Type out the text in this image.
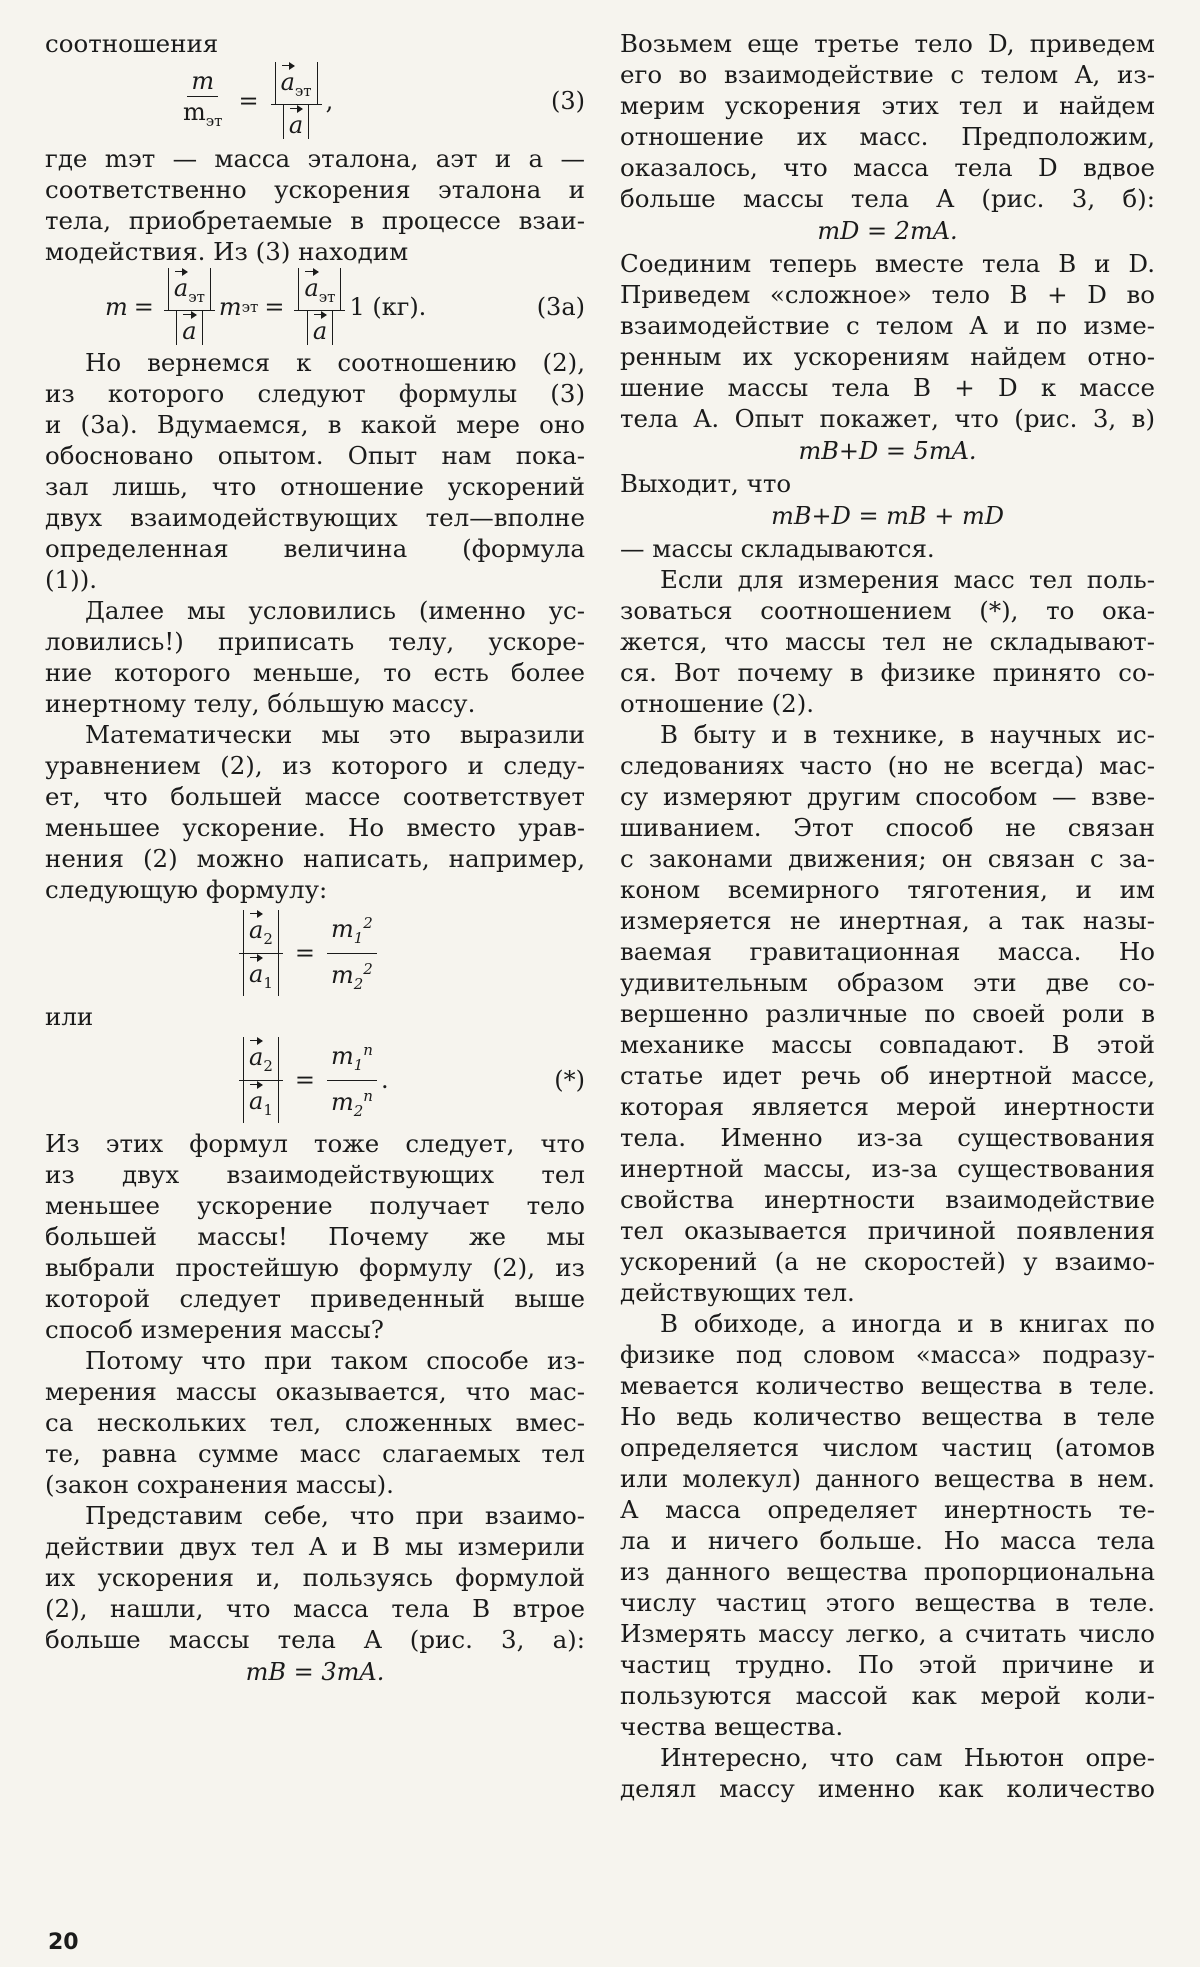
соотношения
$\frac{m}{m_{эт}} = \frac{a_{эт}}{a}$ ,	(3)
где mэт — масса эталона, aэт и a —
соответственно ускорения эталона и
тела, приобретаемые в процессе взаи-
модействия. Из (3) находим
$m = \frac{a_{эт}}{a}$ m эт = $\frac{a_{эт}}{a} 1$ (кг).	(3а)
Но вернемся к соотношению (2),
из которого следуют формулы (3)
и (3а). Вдумаемся, в какой мере оно
обосновано опытом. Опыт нам пока-
зал лишь, что отношение ускорений
двух взаимодействующих тел—вполне
определенная величина (формула
(1)).
Далее мы условились (именно ус-
ловились!) приписать телу, ускоре-
ние которого меньше, то есть более
инертному телу, бóльшую массу.
Математически мы это выразили
уравнением (2), из которого и следу-
ет, что большей массе соответствует
меньшее ускорение. Но вместо урав-
нения (2) можно написать, например,
следующую формулу:
$\frac{a_2}{a_1} = \frac{m_1^2}{m_2^2}$
или
$\frac{a_2}{a_1} = \frac{m_1^n}{m_2^n}$ .	(*)
Из этих формул тоже следует, что
из двух взаимодействующих тел
меньшее ускорение получает тело
большей массы! Почему же мы
выбрали простейшую формулу (2), из
которой следует приведенный выше
способ измерения массы?
Потому что при таком способе из-
мерения массы оказывается, что мас-
са нескольких тел, сложенных вмес-
те, равна сумме масс слагаемых тел
(закон сохранения массы).
Представим себе, что при взаимо-
действии двух тел A и B мы измерили
их ускорения и, пользуясь формулой
(2), нашли, что масса тела B втрое
больше массы тела A (рис. 3, а):
mB = 3mA.
Возьмем еще третье тело D, приведем
его во взаимодействие с телом A, из-
мерим ускорения этих тел и найдем
отношение их масс. Предположим,
оказалось, что масса тела D вдвое
больше массы тела A (рис. 3, б):
mD = 2mA.
Соединим теперь вместе тела B и D.
Приведем «сложное» тело B + D во
взаимодействие с телом A и по изме-
ренным их ускорениям найдем отно-
шение массы тела B + D к массе
тела A. Опыт покажет, что (рис. 3, в)
mB+D = 5mA.
Выходит, что
mB+D = mB + mD
— массы складываются.
Если для измерения масс тел поль-
зоваться соотношением (*), то ока-
жется, что массы тел не складывают-
ся. Вот почему в физике принято со-
отношение (2).
В быту и в технике, в научных ис-
следованиях часто (но не всегда) мас-
су измеряют другим способом — взве-
шиванием. Этот способ не связан
с законами движения; он связан с за-
коном всемирного тяготения, и им
измеряется не инертная, а так назы-
ваемая гравитационная масса. Но
удивительным образом эти две со-
вершенно различные по своей роли в
механике массы совпадают. В этой
статье идет речь об инертной массе,
которая является мерой инертности
тела. Именно из-за существования
инертной массы, из-за существования
свойства инертности взаимодействие
тел оказывается причиной появления
ускорений (а не скоростей) у взаимо-
действующих тел.
В обиходе, а иногда и в книгах по
физике под словом «масса» подразу-
мевается количество вещества в теле.
Но ведь количество вещества в теле
определяется числом частиц (атомов
или молекул) данного вещества в нем.
А масса определяет инертность те-
ла и ничего больше. Но масса тела
из данного вещества пропорциональна
числу частиц этого вещества в теле.
Измерять массу легко, а считать число
частиц трудно. По этой причине и
пользуются массой как мерой коли-
чества вещества.
Интересно, что сам Ньютон опре-
делял массу именно как количество
20
